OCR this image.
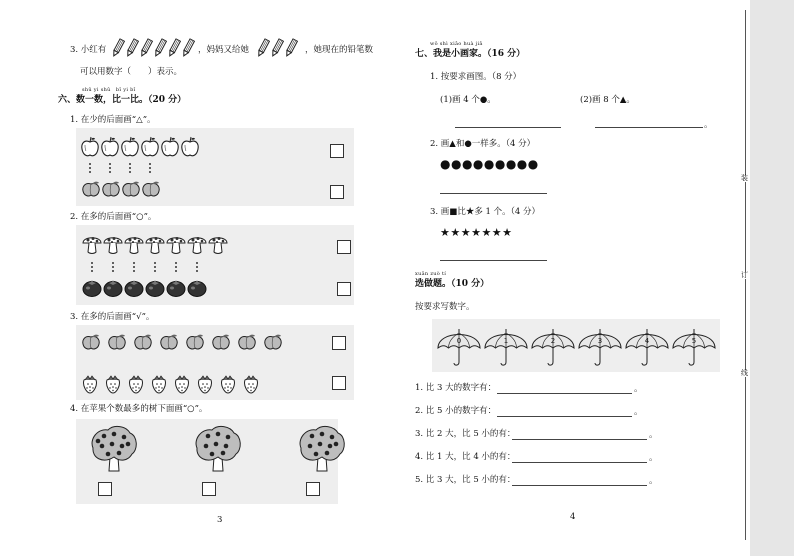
装
订
线
3. 小红有	，妈妈又给她	，她现在的铅笔数
可以用数字（　　）表示。
shǔ yi shǔ　bǐ yi bǐ
六、数一数，比一比。（20 分）
1. 在少的后面画“△”。
2. 在多的后面画“○”。
3. 在多的后面画“√”。
4. 在苹果个数最多的树下面画“○”。
3
wǒ shì xiǎo huà jiā
七、我是小画家。（16 分）
1. 按要求画图。（8 分）
(1)画 4 个●。	(2)画 8 个▲。
。
2. 画▲和●一样多。（4 分）
●●●●●●●●●
3. 画■比★多 1 个。（4 分）
★★★★★★★
xuǎn zuò tí
选做题。（10 分）
按要求写数字。
0	1	2	3	4	5
1. 比 3 大的数字有：	。
2. 比 5 小的数字有：	。
3. 比 2 大，比 5 小的有：	。
4. 比 1 大，比 4 小的有：	。
5. 比 3 大，比 5 小的有：	。
4
